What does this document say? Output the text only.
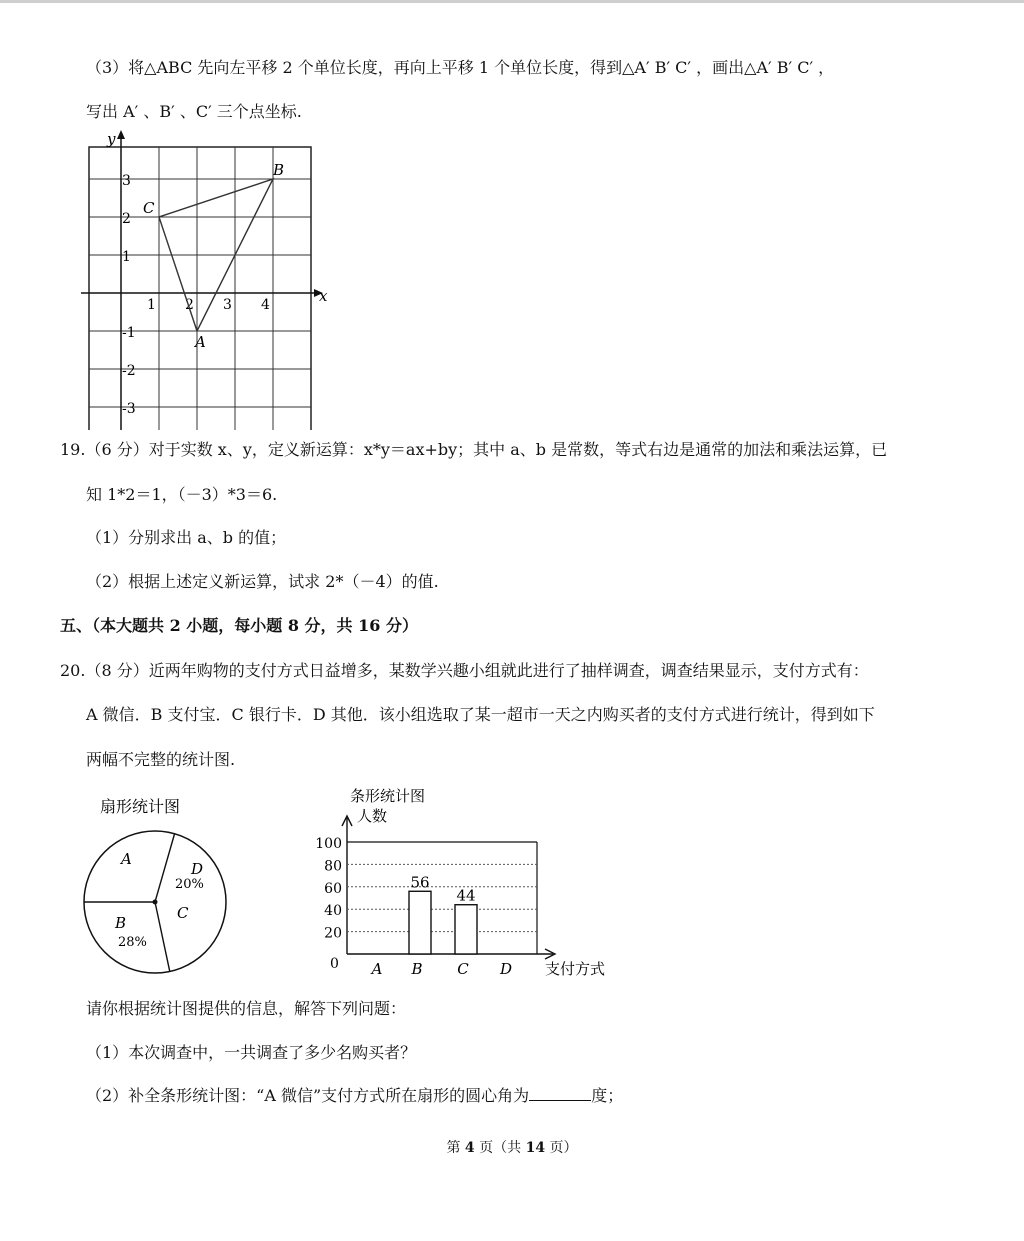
（3）将△ABC 先向左平移 2 个单位长度，再向上平移 1 个单位长度，得到△A′ B′ C′ ，画出△A′ B′ C′ ，
写出 A′ 、B′ 、C′ 三个点坐标.
x
y
1 2 3 4
3
2
1
-1
-2
-3
A
B
C
19.（6 分）对于实数 x、y，定义新运算：x*y＝ax+by；其中 a、b 是常数，等式右边是通常的加法和乘法运算，已
知 1*2＝1，（－3）*3＝6.
（1）分别求出 a、b 的值；
（2）根据上述定义新运算，试求 2*（－4）的值.
五、（本大题共 2 小题，每小题 8 分，共 16 分）
20.（8 分）近两年购物的支付方式日益增多，某数学兴趣小组就此进行了抽样调查，调查结果显示，支付方式有：
A 微信．B 支付宝．C 银行卡．D 其他．该小组选取了某一超市一天之内购买者的支付方式进行统计，得到如下
两幅不完整的统计图.
扇形统计图
A
D
20%
C
B
28%
条形统计图
人数
0
20
40
60
80
100
A B
56
C
44
D 支付方式
请你根据统计图提供的信息，解答下列问题：
（1）本次调查中，一共调查了多少名购买者？
（2）补全条形统计图：“A 微信”支付方式所在扇形的圆心角为	度；
第 4 页（共 14 页）
